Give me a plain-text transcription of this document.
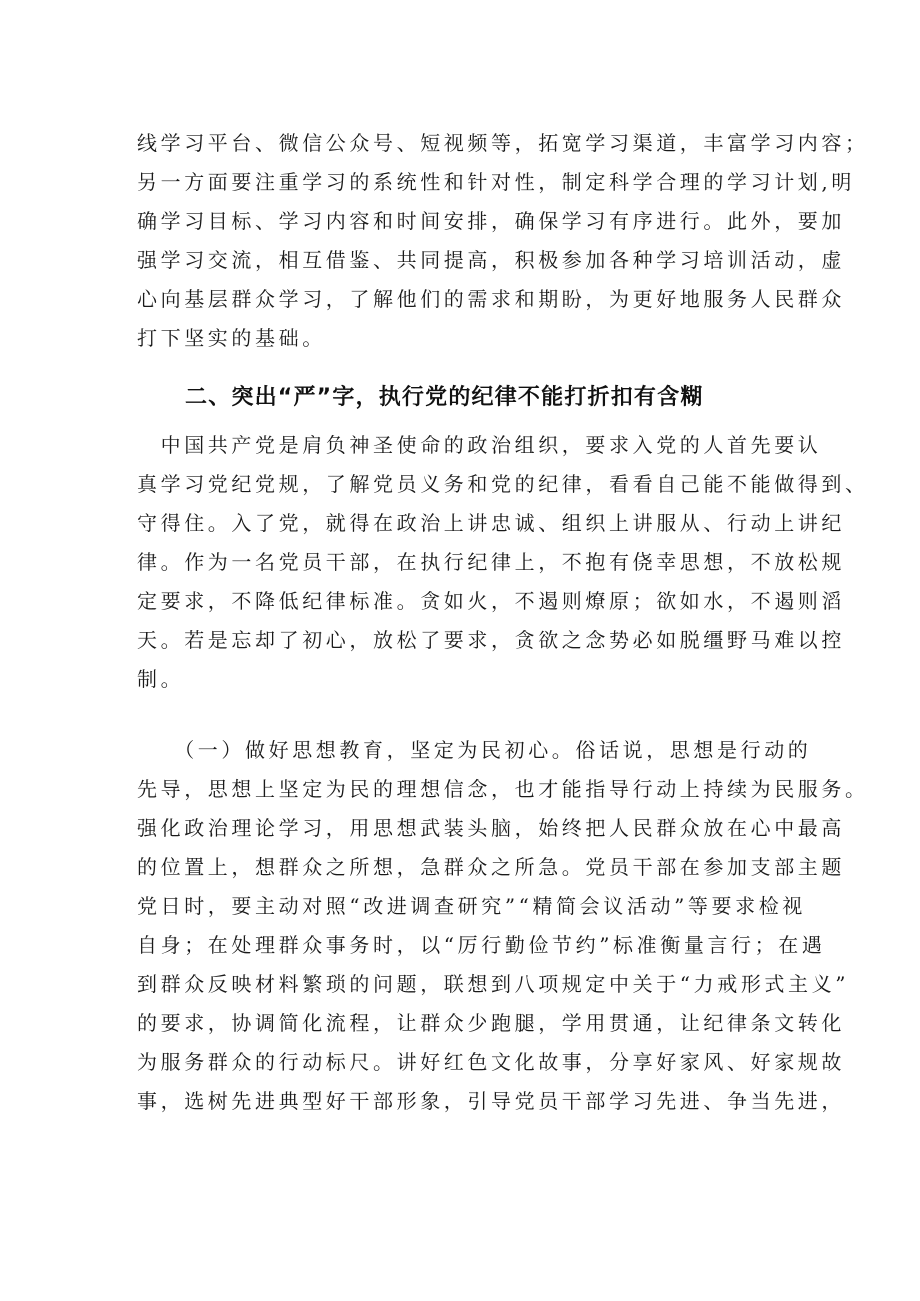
线学习平台、微信公众号、短视频等，拓宽学习渠道，丰富学习内容；
另一方面要注重学习的系统性和针对性，制定科学合理的学习计划,明
确学习目标、学习内容和时间安排，确保学习有序进行。此外，要加
强学习交流，相互借鉴、共同提高，积极参加各种学习培训活动，虚
心向基层群众学习，了解他们的需求和期盼，为更好地服务人民群众
打下坚实的基础。
二、突出“严”字，执行党的纪律不能打折扣有含糊
　中国共产党是肩负神圣使命的政治组织，要求入党的人首先要认
真学习党纪党规，了解党员义务和党的纪律，看看自己能不能做得到、
守得住。入了党，就得在政治上讲忠诚、组织上讲服从、行动上讲纪
律。作为一名党员干部，在执行纪律上，不抱有侥幸思想，不放松规
定要求，不降低纪律标准。贪如火，不遏则燎原；欲如水，不遏则滔
天。若是忘却了初心，放松了要求，贪欲之念势必如脱缰野马难以控
制。
　　（一）做好思想教育，坚定为民初心。俗话说，思想是行动的
先导，思想上坚定为民的理想信念，也才能指导行动上持续为民服务。
强化政治理论学习，用思想武装头脑，始终把人民群众放在心中最高
的位置上，想群众之所想，急群众之所急。党员干部在参加支部主题
党日时，要主动对照“改进调查研究”“精简会议活动”等要求检视
自身；在处理群众事务时，以“厉行勤俭节约”标准衡量言行；在遇
到群众反映材料繁琐的问题，联想到八项规定中关于“力戒形式主义”
的要求，协调简化流程，让群众少跑腿，学用贯通，让纪律条文转化
为服务群众的行动标尺。讲好红色文化故事，分享好家风、好家规故
事，选树先进典型好干部形象，引导党员干部学习先进、争当先进，
